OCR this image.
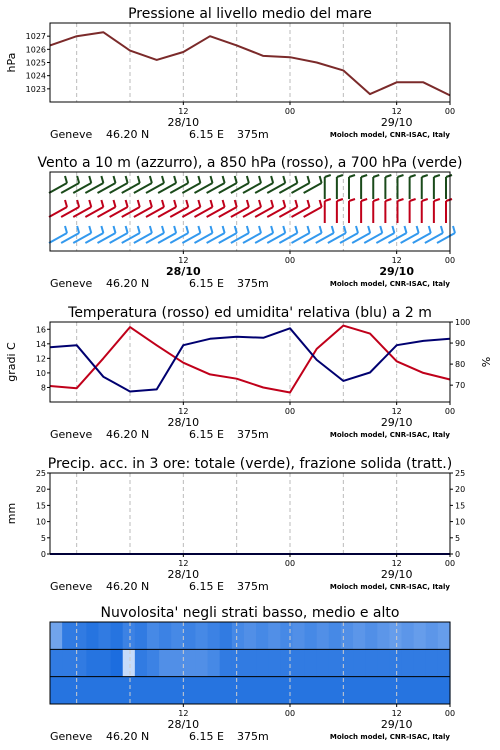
Pressione al livello medio del mare
1023
1024
1025
1026
1027
hPa
12	00	12	00
28/10	29/10
Geneve 46.20 N	6.15 E 375m	Moloch model, CNR-ISAC, Italy
Vento a 10 m (azzurro), a 850 hPa (rosso), a 700 hPa (verde)
12	00	12	00
28/10	29/10
Geneve 46.20 N	6.15 E 375m	Moloch model, CNR-ISAC, Italy
Temperatura (rosso) ed umidita' relativa (blu) a 2 m
8
10
12
14
16
70
80
90
100
gradi C	%
12	00	12	00
28/10	29/10
Geneve 46.20 N	6.15 E 375m	Moloch model, CNR-ISAC, Italy
Precip. acc. in 3 ore: totale (verde), frazione solida (tratt.)
0
5
10
15
20
25
0
5
10
15
20
25
mm
12	00	12	00
28/10	29/10
Geneve 46.20 N	6.15 E 375m	Moloch model, CNR-ISAC, Italy
Nuvolosita' negli strati basso, medio e alto
12	00	12	00
28/10	29/10
Geneve 46.20 N	6.15 E 375m	Moloch model, CNR-ISAC, Italy
